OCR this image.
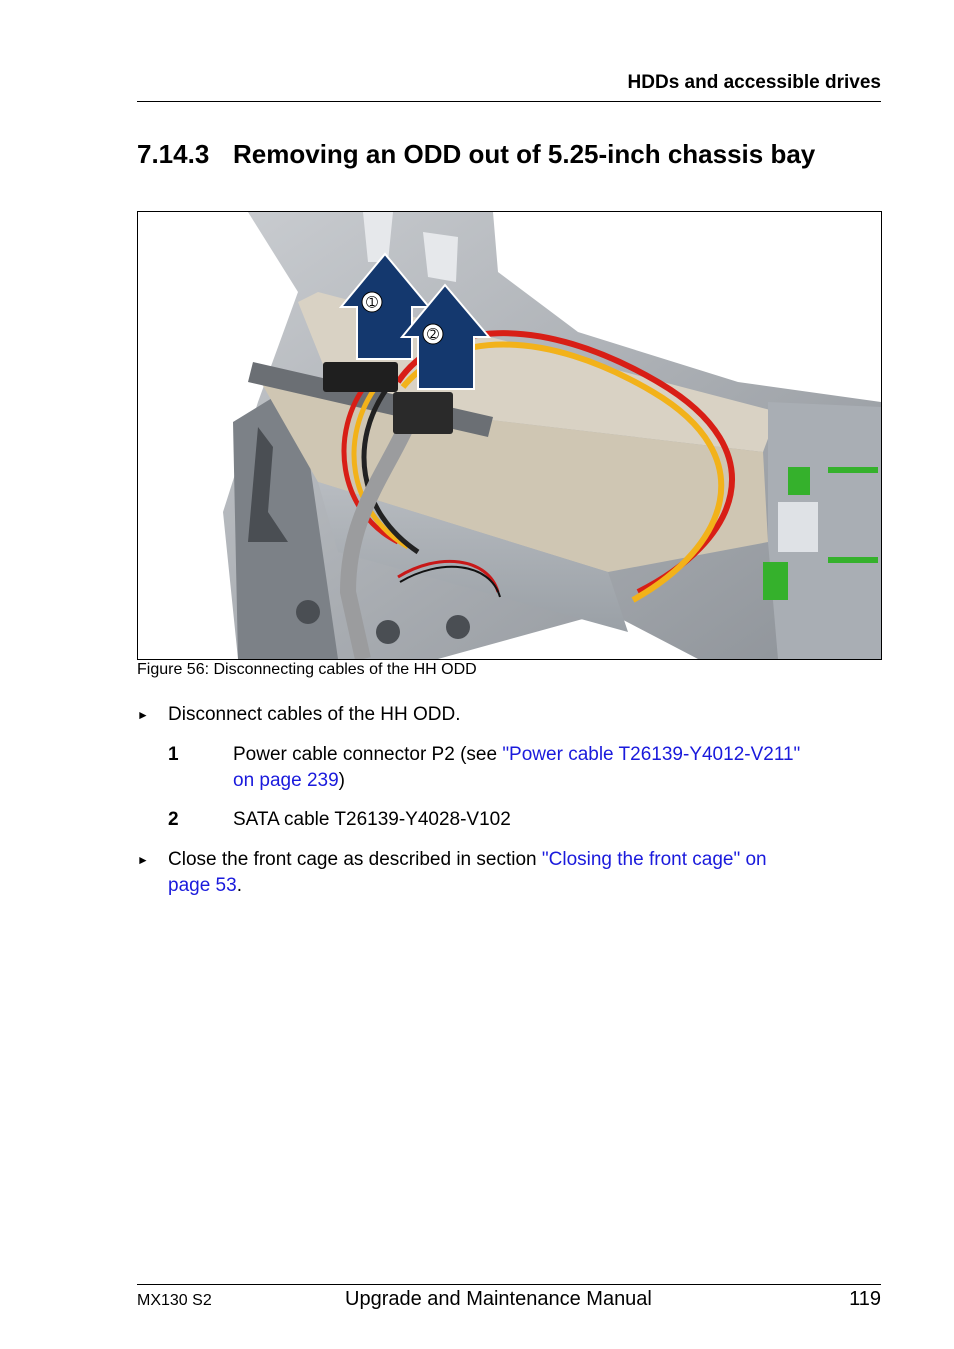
HDDs and accessible drives
7.14.3 Removing an ODD out of 5.25-inch chassis bay
➀
➁
Figure 56: Disconnecting cables of the HH ODD
► Disconnect cables of the HH ODD.
1	Power cable connector P2 (see "Power cable T26139-Y4012-V211"
on page 239)
2	SATA cable T26139-Y4028-V102
► Close the front cage as described in section "Closing the front cage" on
page 53.
MX130 S2	Upgrade and Maintenance Manual	119
